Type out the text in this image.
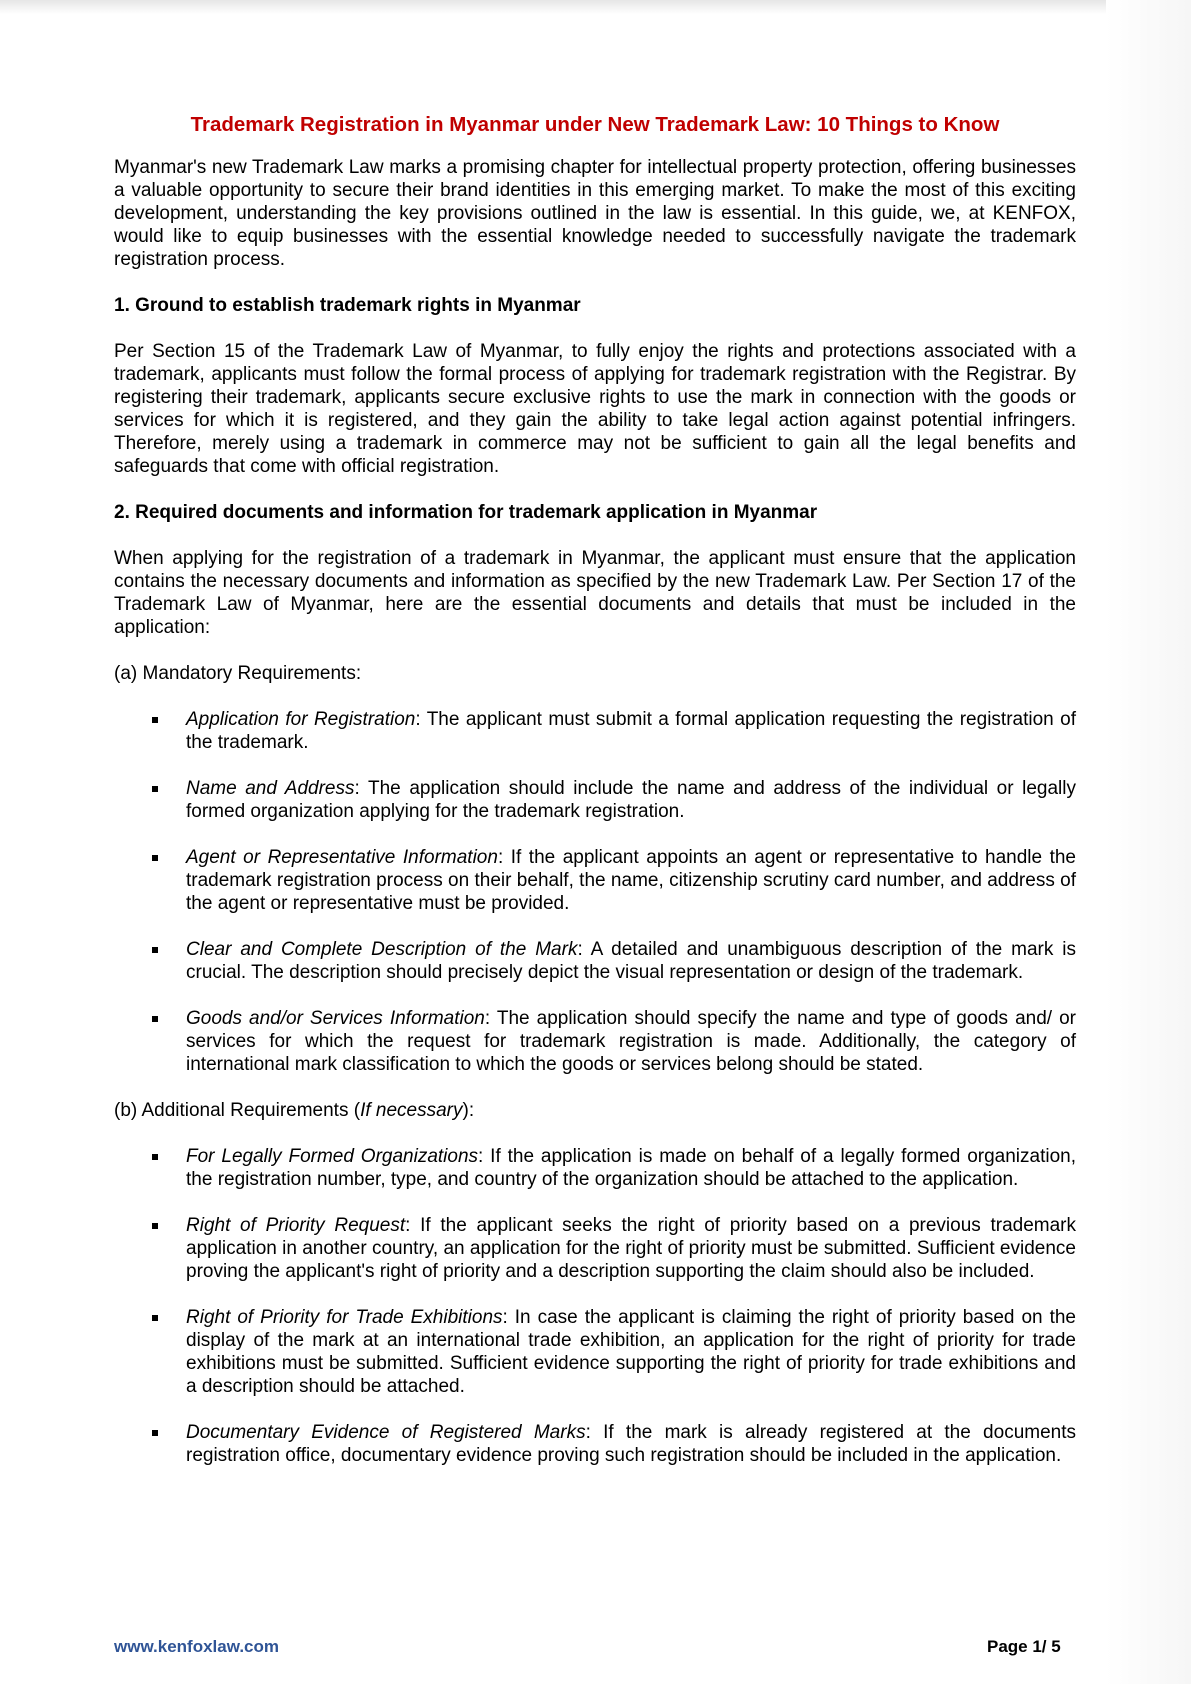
Trademark Registration in Myanmar under New Trademark Law: 10 Things to Know

Myanmar's new Trademark Law marks a promising chapter for intellectual property protection, offering businesses a valuable opportunity to secure their brand identities in this emerging market. To make the most of this exciting development, understanding the key provisions outlined in the law is essential. In this guide, we, at KENFOX, would like to equip businesses with the essential knowledge needed to successfully navigate the trademark registration process.

1. Ground to establish trademark rights in Myanmar

Per Section 15 of the Trademark Law of Myanmar, to fully enjoy the rights and protections associated with a trademark, applicants must follow the formal process of applying for trademark registration with the Registrar. By registering their trademark, applicants secure exclusive rights to use the mark in connection with the goods or services for which it is registered, and they gain the ability to take legal action against potential infringers. Therefore, merely using a trademark in commerce may not be sufficient to gain all the legal benefits and safeguards that come with official registration.

2. Required documents and information for trademark application in Myanmar

When applying for the registration of a trademark in Myanmar, the applicant must ensure that the application contains the necessary documents and information as specified by the new Trademark Law. Per Section 17 of the Trademark Law of Myanmar, here are the essential documents and details that must be included in the application:

(a) Mandatory Requirements:

Application for Registration: The applicant must submit a formal application requesting the registration of the trademark.
Name and Address: The application should include the name and address of the individual or legally formed organization applying for the trademark registration.
Agent or Representative Information: If the applicant appoints an agent or representative to handle the trademark registration process on their behalf, the name, citizenship scrutiny card number, and address of the agent or representative must be provided.
Clear and Complete Description of the Mark: A detailed and unambiguous description of the mark is crucial. The description should precisely depict the visual representation or design of the trademark.
Goods and/or Services Information: The application should specify the name and type of goods and/ or services for which the request for trademark registration is made. Additionally, the category of international mark classification to which the goods or services belong should be stated.

(b) Additional Requirements (If necessary):

For Legally Formed Organizations: If the application is made on behalf of a legally formed organization, the registration number, type, and country of the organization should be attached to the application.
Right of Priority Request: If the applicant seeks the right of priority based on a previous trademark application in another country, an application for the right of priority must be submitted. Sufficient evidence proving the applicant's right of priority and a description supporting the claim should also be included.
Right of Priority for Trade Exhibitions: In case the applicant is claiming the right of priority based on the display of the mark at an international trade exhibition, an application for the right of priority for trade exhibitions must be submitted. Sufficient evidence supporting the right of priority for trade exhibitions and a description should be attached.
Documentary Evidence of Registered Marks: If the mark is already registered at the documents registration office, documentary evidence proving such registration should be included in the application.
www.kenfoxlaw.com	Page 1/ 5
